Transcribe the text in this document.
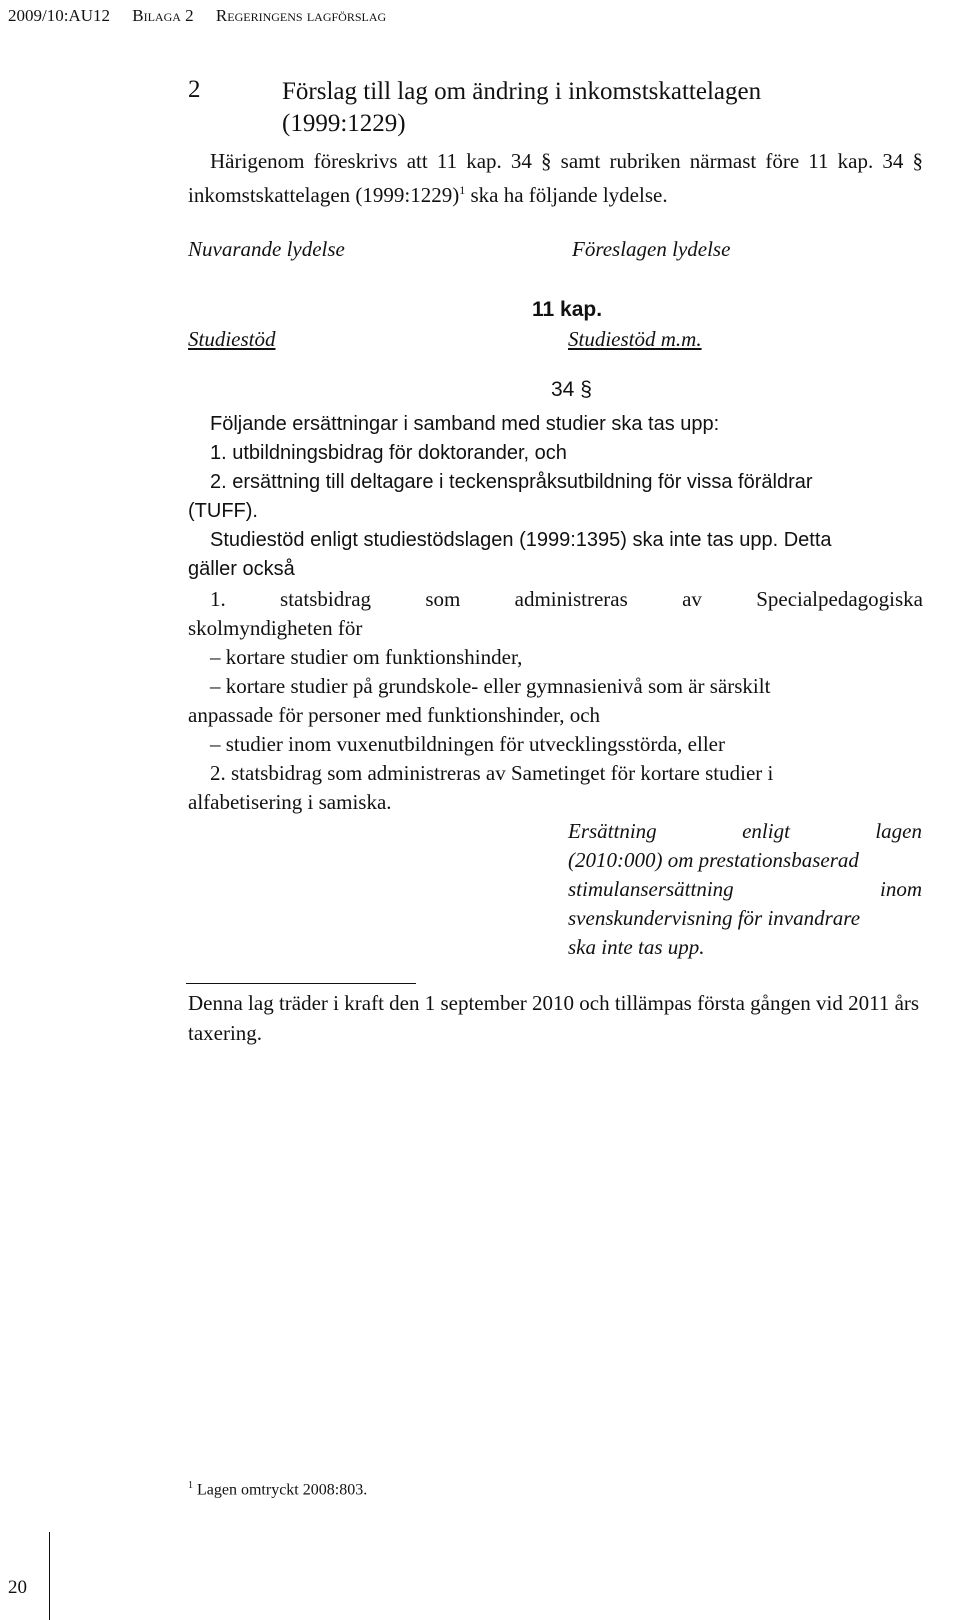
2009/10:AU12 Bilaga 2 Regeringens lagförslag
2	Förslag till lag om ändring i inkomstskattelagen
(1999:1229)
Härigenom föreskrivs att 11 kap. 34 § samt rubriken närmast före 11 kap. 34 § inkomstskattelagen (1999:1229)$^1$ ska ha följande lydelse.
Nuvarande lydelse	Föreslagen lydelse
11 kap.
Studiestöd	Studiestöd m.m.
34 §
Följande ersättningar i samband med studier ska tas upp:
1. utbildningsbidrag för doktorander, och
2. ersättning till deltagare i teckenspråksutbildning för vissa föräldrar
(TUFF).
Studiestöd enligt studiestödslagen (1999:1395) ska inte tas upp. Detta
gäller också
1. statsbidrag som administreras av Specialpedagogiska
skolmyndigheten för
– kortare studier om funktionshinder,
– kortare studier på grundskole- eller gymnasienivå som är särskilt
anpassade för personer med funktionshinder, och
– studier inom vuxenutbildningen för utvecklingsstörda, eller
2. statsbidrag som administreras av Sametinget för kortare studier i
alfabetisering i samiska.
Ersättning enligt lagen
(2010:000) om prestationsbaserad
stimulansersättning inom
svenskundervisning för invandrare
ska inte tas upp.
Denna lag träder i kraft den 1 september 2010 och tillämpas första gången vid 2011 års taxering.
$^1$ Lagen omtryckt 2008:803.
20
